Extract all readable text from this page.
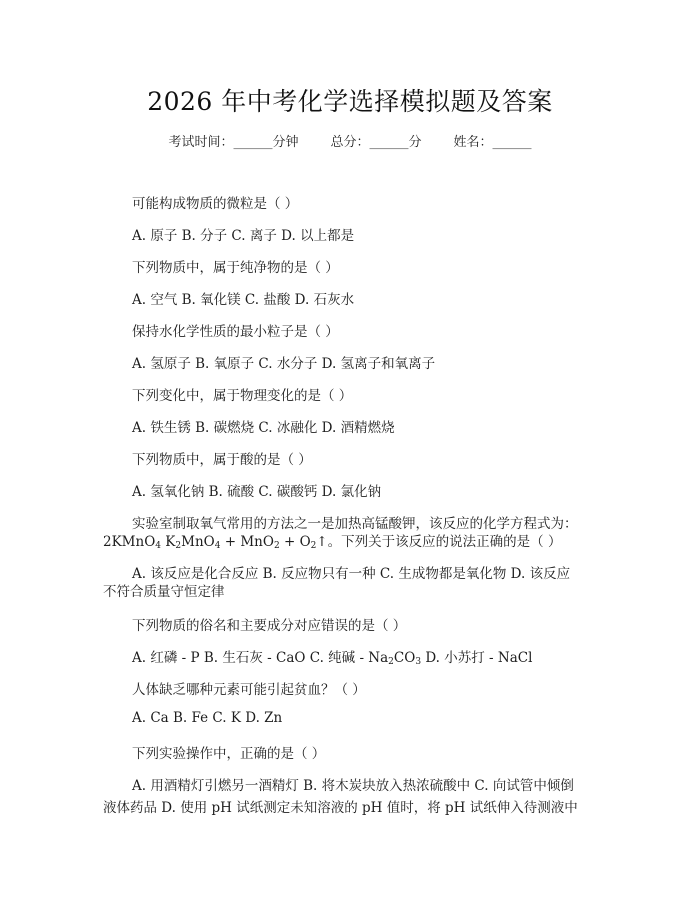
2026 年中考化学选择模拟题及答案
考试时间：______分钟 总分：______分 姓名：______
可能构成物质的微粒是（ ）
A. 原子 B. 分子 C. 离子 D. 以上都是
下列物质中，属于纯净物的是（ ）
A. 空气 B. 氧化镁 C. 盐酸 D. 石灰水
保持水化学性质的最小粒子是（ ）
A. 氢原子 B. 氧原子 C. 水分子 D. 氢离子和氧离子
下列变化中，属于物理变化的是（ ）
A. 铁生锈 B. 碳燃烧 C. 冰融化 D. 酒精燃烧
下列物质中，属于酸的是（ ）
A. 氢氧化钠 B. 硫酸 C. 碳酸钙 D. 氯化钠
实验室制取氧气常用的方法之一是加热高锰酸钾，该反应的化学方程式为：
2KMnO$_4$ $K_2MnO_4 + MnO_2$ + $O_2↑$。下列关于该反应的说法正确的是（ ）
A. 该反应是化合反应 B. 反应物只有一种 C. 生成物都是氧化物 D. 该反应
不符合质量守恒定律
下列物质的俗名和主要成分对应错误的是（ ）
A. 红磷 - P B. 生石灰 - CaO C. 纯碱 - $Na_2CO_3$ D. 小苏打 - NaCl
人体缺乏哪种元素可能引起贫血？（ ）
A. Ca B. Fe C. K D. Zn
下列实验操作中，正确的是（ ）
A. 用酒精灯引燃另一酒精灯 B. 将木炭块放入热浓硫酸中 C. 向试管中倾倒
液体药品 D. 使用 pH 试纸测定未知溶液的 pH 值时，将 pH 试纸伸入待测液中
